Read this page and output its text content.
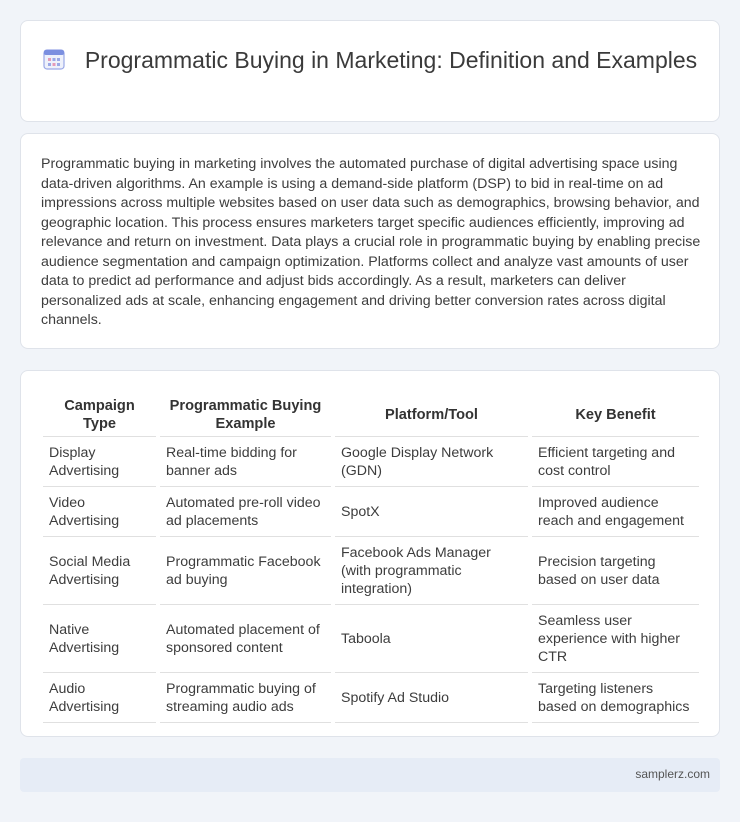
Programmatic Buying in Marketing: Definition and Examples

Programmatic buying in marketing involves the automated purchase of digital advertising space using data-driven algorithms. An example is using a demand-side platform (DSP) to bid in real-time on ad impressions across multiple websites based on user data such as demographics, browsing behavior, and geographic location. This process ensures marketers target specific audiences efficiently, improving ad relevance and return on investment. Data plays a crucial role in programmatic buying by enabling precise audience segmentation and campaign optimization. Platforms collect and analyze vast amounts of user data to predict ad performance and adjust bids accordingly. As a result, marketers can deliver personalized ads at scale, enhancing engagement and driving better conversion rates across digital channels.

Campaign Type	Programmatic Buying Example	Platform/Tool	Key Benefit
Display Advertising	Real-time bidding for banner ads	Google Display Network (GDN)	Efficient targeting and cost control
Video Advertising	Automated pre-roll video ad placements	SpotX	Improved audience reach and engagement
Social Media Advertising	Programmatic Facebook ad buying	Facebook Ads Manager (with programmatic integration)	Precision targeting based on user data
Native Advertising	Automated placement of sponsored content	Taboola	Seamless user experience with higher CTR
Audio Advertising	Programmatic buying of streaming audio ads	Spotify Ad Studio	Targeting listeners based on demographics
samplerz.com
